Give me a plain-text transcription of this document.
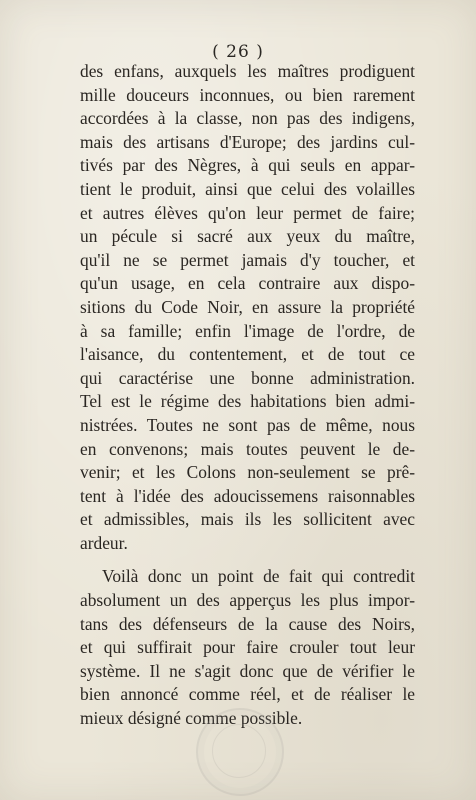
( 26 )
des enfans, auxquels les maîtres prodiguent
mille douceurs inconnues, ou bien rarement
accordées à la classe, non pas des indigens,
mais des artisans d'Europe; des jardins cul-
tivés par des Nègres, à qui seuls en appar-
tient le produit, ainsi que celui des volailles
et autres élèves qu'on leur permet de faire;
un pécule si sacré aux yeux du maître,
qu'il ne se permet jamais d'y toucher, et
qu'un usage, en cela contraire aux dispo-
sitions du Code Noir, en assure la propriété
à sa famille; enfin l'image de l'ordre, de
l'aisance, du contentement, et de tout ce
qui caractérise une bonne administration.
Tel est le régime des habitations bien admi-
nistrées. Toutes ne sont pas de même, nous
en convenons; mais toutes peuvent le de-
venir; et les Colons non-seulement se prê-
tent à l'idée des adoucissemens raisonnables
et admissibles, mais ils les sollicitent avec
ardeur.
Voilà donc un point de fait qui contredit
absolument un des apperçus les plus impor-
tans des défenseurs de la cause des Noirs,
et qui suffirait pour faire crouler tout leur
système. Il ne s'agit donc que de vérifier le
bien annoncé comme réel, et de réaliser le
mieux désigné comme possible.
